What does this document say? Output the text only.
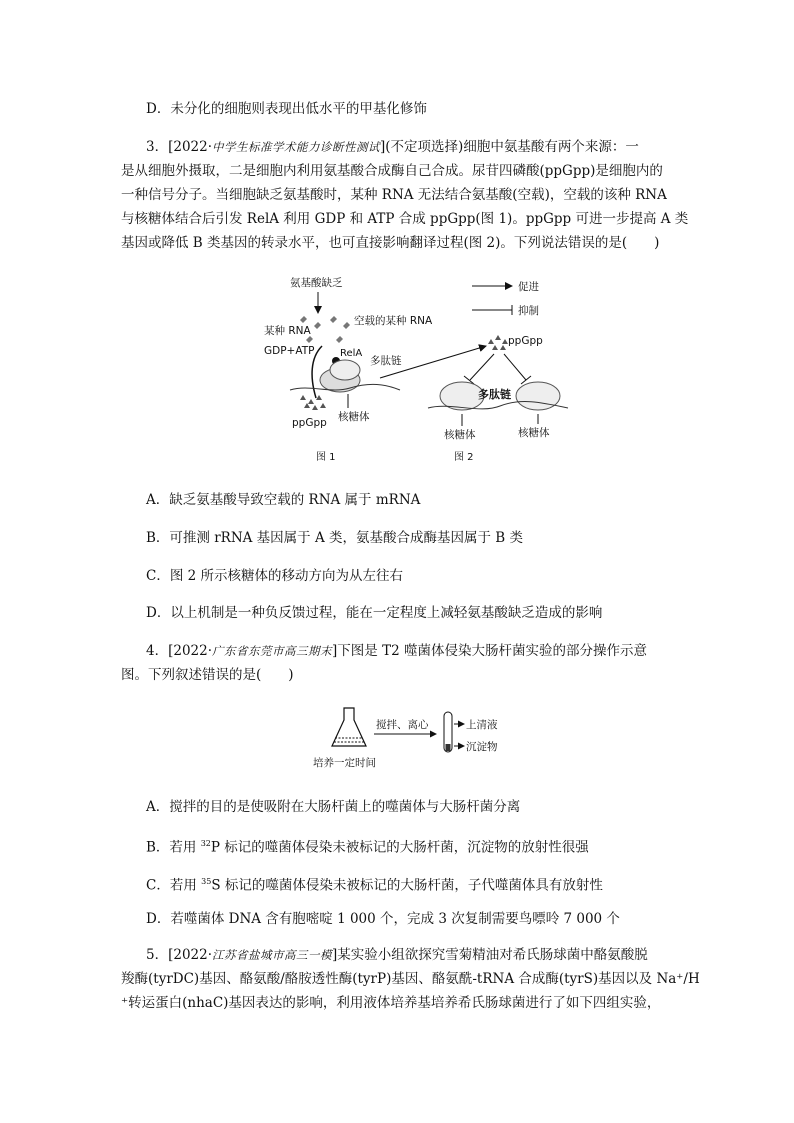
D．未分化的细胞则表现出低水平的甲基化修饰
3．[2022·中学生标准学术能力诊断性测试](不定项选择)细胞中氨基酸有两个来源：一
是从细胞外摄取，二是细胞内利用氨基酸合成酶自己合成。尿苷四磷酸(ppGpp)是细胞内的
一种信号分子。当细胞缺乏氨基酸时，某种 RNA 无法结合氨基酸(空载)，空载的该种 RNA
与核糖体结合后引发 RelA 利用 GDP 和 ATP 合成 ppGpp(图 1)。ppGpp 可进一步提高 A 类
基因或降低 B 类基因的转录水平，也可直接影响翻译过程(图 2)。下列说法错误的是(　　)
氨基酸缺乏
空载的某种 RNA
某种 RNA
GDP+ATP	RelA
多肽链
核糖体
ppGpp
图 1
促进
抑制
ppGpp
多肽链
核糖体	核糖体
图 2
A．缺乏氨基酸导致空载的 RNA 属于 mRNA
B．可推测 rRNA 基因属于 A 类，氨基酸合成酶基因属于 B 类
C．图 2 所示核糖体的移动方向为从左往右
D．以上机制是一种负反馈过程，能在一定程度上减轻氨基酸缺乏造成的影响
4．[2022·广东省东莞市高三期末]下图是 T2 噬菌体侵染大肠杆菌实验的部分操作示意
图。下列叙述错误的是(　　)
培养一定时间
搅拌、离心	上清液
沉淀物
A．搅拌的目的是使吸附在大肠杆菌上的噬菌体与大肠杆菌分离
B．若用 $^{32}$P 标记的噬菌体侵染未被标记的大肠杆菌，沉淀物的放射性很强
C．若用 $^{35}$S 标记的噬菌体侵染未被标记的大肠杆菌，子代噬菌体具有放射性
D．若噬菌体 DNA 含有胞嘧啶 1 000 个，完成 3 次复制需要鸟嘌呤 7 000 个
5．[2022·江苏省盐城市高三一模]某实验小组欲探究雪菊精油对希氏肠球菌中酪氨酸脱
羧酶(tyrDC)基因、酪氨酸/酪胺透性酶(tyrP)基因、酪氨酰-tRNA 合成酶(tyrS)基因以及 Na⁺/H
⁺转运蛋白(nhaC)基因表达的影响，利用液体培养基培养希氏肠球菌进行了如下四组实验，
